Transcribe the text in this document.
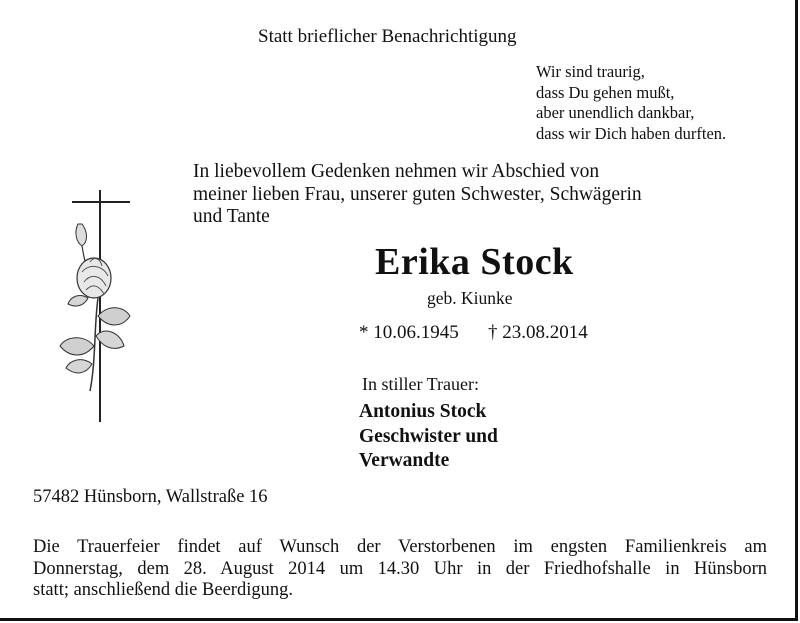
Statt brieflicher Benachrichtigung
Wir sind traurig,
dass Du gehen mußt,
aber unendlich dankbar,
dass wir Dich haben durften.
In liebevollem Gedenken nehmen wir Abschied von
meiner lieben Frau, unserer guten Schwester, Schwägerin
und Tante
Erika Stock
geb. Kiunke
* 10.06.1945 † 23.08.2014
In stiller Trauer:
Antonius Stock
Geschwister und
Verwandte
57482 Hünsborn, Wallstraße 16
Die Trauerfeier findet auf Wunsch der Verstorbenen im engsten Familienkreis am
Donnerstag, dem 28. August 2014 um 14.30 Uhr in der Friedhofshalle in Hünsborn
statt; anschließend die Beerdigung.
